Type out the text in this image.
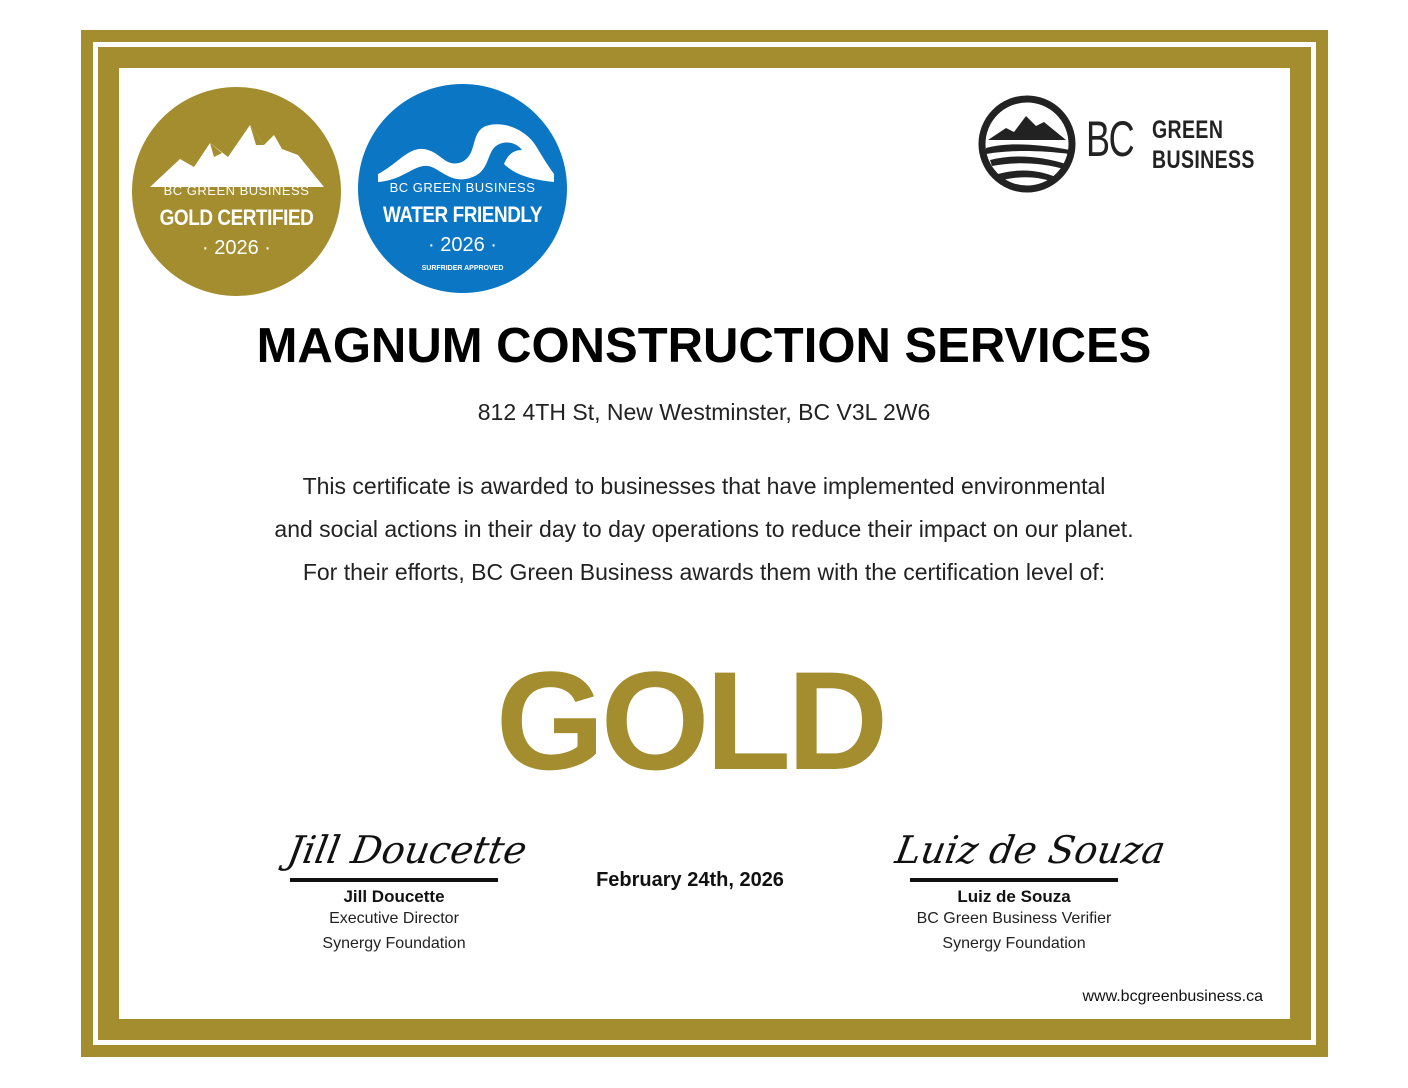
BC GREEN BUSINESS
GOLD CERTIFIED
· 2026 ·
BC GREEN BUSINESS
WATER FRIENDLY
· 2026 ·
SURFRIDER APPROVED
BC GREEN
BUSINESS
MAGNUM CONSTRUCTION SERVICES
812 4TH St, New Westminster, BC V3L 2W6
This certificate is awarded to businesses that have implemented environmental
and social actions in their day to day operations to reduce their impact on our planet.
For their efforts, BC Green Business awards them with the certification level of:
GOLD
Jill Doucette
Jill Doucette
Executive Director
Synergy Foundation
February 24th, 2026
Luiz de Souza
Luiz de Souza
BC Green Business Verifier
Synergy Foundation
www.bcgreenbusiness.ca
